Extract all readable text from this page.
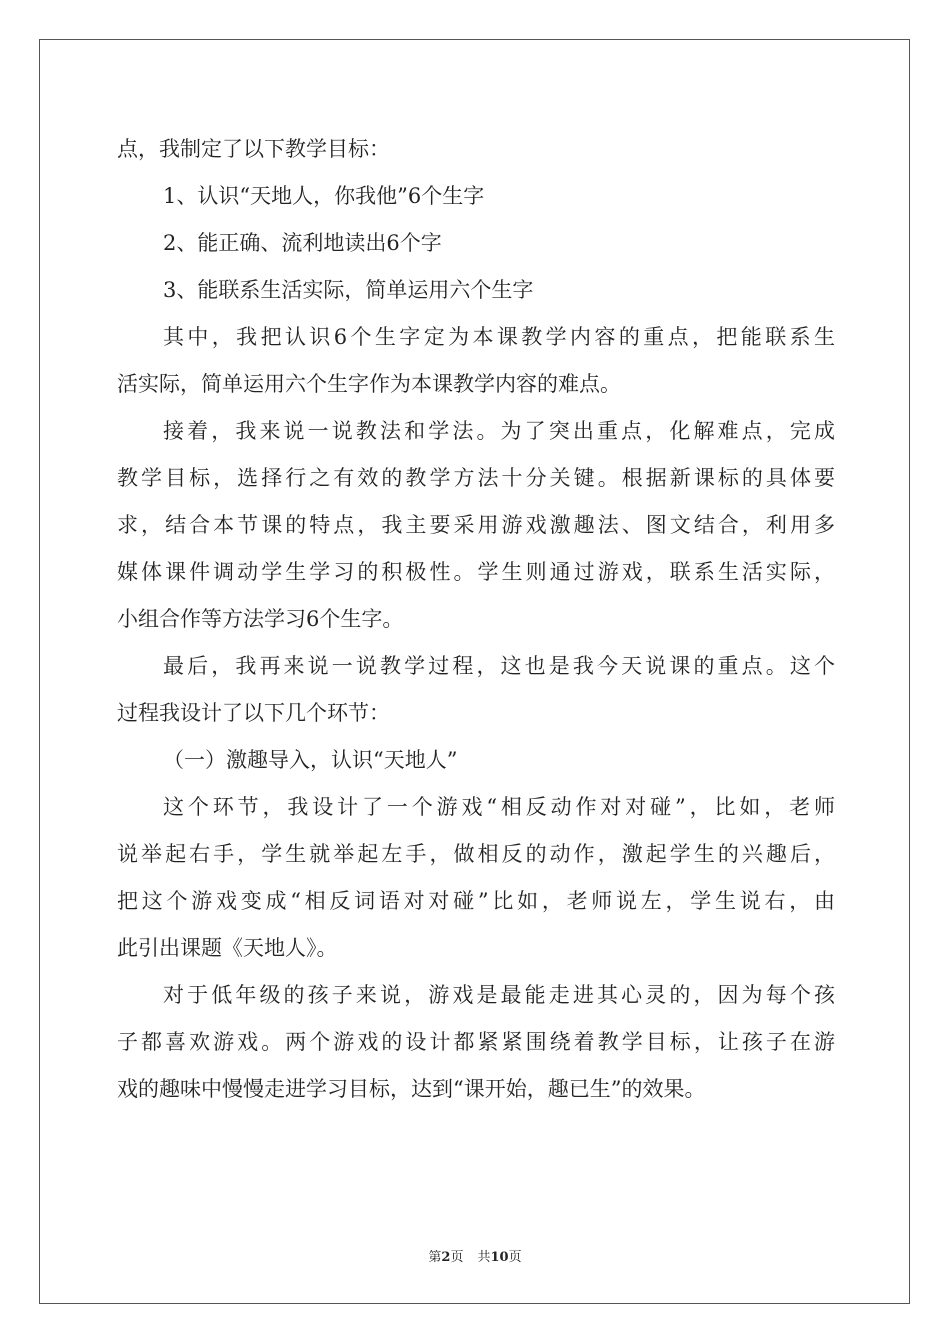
点，我制定了以下教学目标：
1、认识“天地人，你我他”6个生字
2、能正确、流利地读出6个字
3、能联系生活实际，简单运用六个生字
其中，我把认识6个生字定为本课教学内容的重点，把能联系生
活实际，简单运用六个生字作为本课教学内容的难点。
接着，我来说一说教法和学法。为了突出重点，化解难点，完成
教学目标，选择行之有效的教学方法十分关键。根据新课标的具体要
求，结合本节课的特点，我主要采用游戏激趣法、图文结合，利用多
媒体课件调动学生学习的积极性。学生则通过游戏，联系生活实际，
小组合作等方法学习6个生字。
最后，我再来说一说教学过程，这也是我今天说课的重点。这个
过程我设计了以下几个环节：
（一）激趣导入，认识“天地人”
这个环节，我设计了一个游戏“相反动作对对碰”，比如，老师
说举起右手，学生就举起左手，做相反的动作，激起学生的兴趣后，
把这个游戏变成“相反词语对对碰”比如，老师说左，学生说右，由
此引出课题《天地人》。
对于低年级的孩子来说，游戏是最能走进其心灵的，因为每个孩
子都喜欢游戏。两个游戏的设计都紧紧围绕着教学目标，让孩子在游
戏的趣味中慢慢走进学习目标，达到“课开始，趣已生”的效果。
第2页 共10页
